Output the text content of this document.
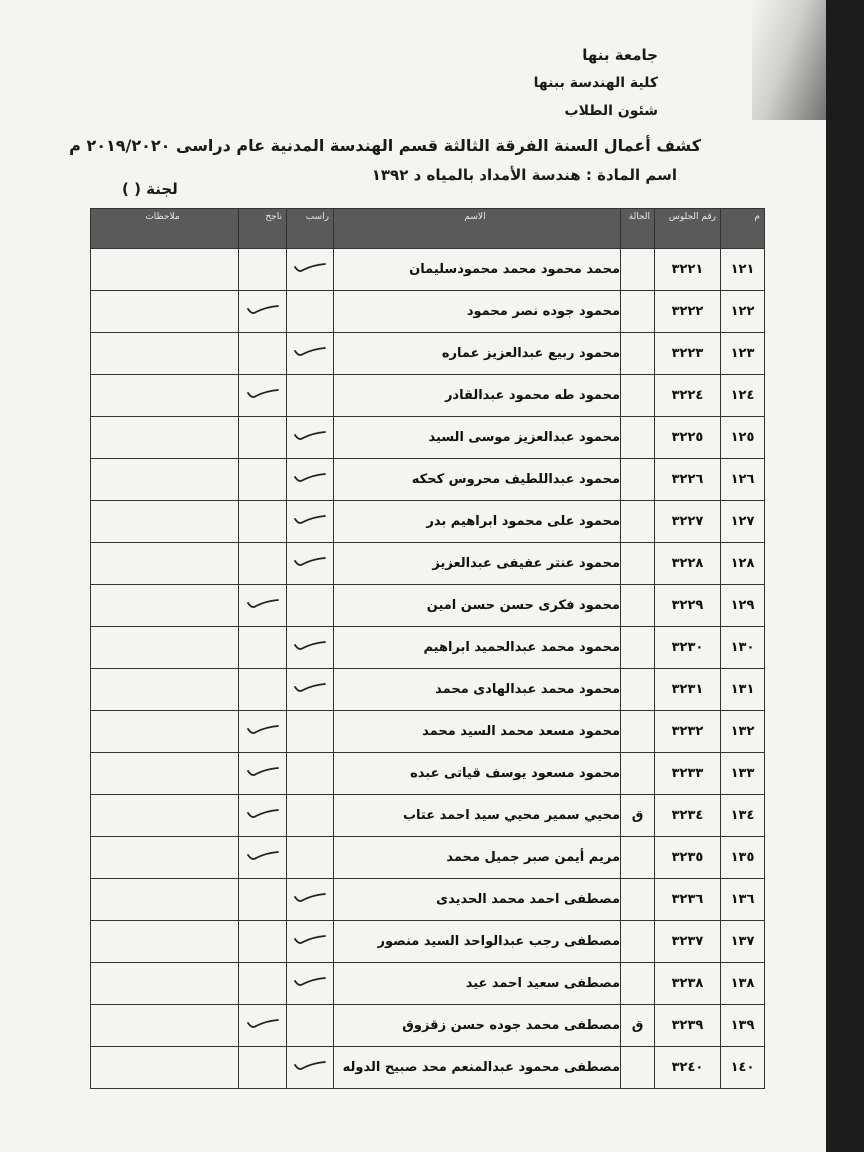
جامعة بنها
كلية الهندسة ببنها
شئون الطلاب
كشف أعمال السنة الفرقة الثالثة قسم الهندسة المدنية عام دراسى ٢٠١٩/٢٠٢٠ م
اسم المادة : هندسة الأمداد بالمياه د ١٣٩٢
لجنة ( )
م	رقم الجلوس	الحالة	الاسم	راسب	ناجح	ملاحظات
١٢١	٣٢٢١		محمد محمود محمد محمودسليمان			
١٢٢	٣٢٢٢		محمود جوده نصر محمود			
١٢٣	٣٢٢٣		محمود ربيع عبدالعزيز عماره			
١٢٤	٣٢٢٤		محمود طه محمود عبدالقادر			
١٢٥	٣٢٢٥		محمود عبدالعزيز موسى السيد			
١٢٦	٣٢٢٦		محمود عبداللطيف محروس كحكه			
١٢٧	٣٢٢٧		محمود على محمود ابراهيم بدر			
١٢٨	٣٢٢٨		محمود عنتر عفيفى عبدالعزيز			
١٢٩	٣٢٢٩		محمود فكرى حسن حسن امين			
١٣٠	٣٢٣٠		محمود محمد عبدالحميد ابراهيم			
١٣١	٣٢٣١		محمود محمد عبدالهادى محمد			
١٣٢	٣٢٣٢		محمود مسعد محمد السيد محمد			
١٣٣	٣٢٣٣		محمود مسعود يوسف قياتى عبده			
١٣٤	٣٢٣٤	ق	محيي سمير محيي سيد احمد عتاب			
١٣٥	٣٢٣٥		مريم أيمن صبر جميل محمد			
١٣٦	٣٢٣٦		مصطفى احمد محمد الحديدى			
١٣٧	٣٢٣٧		مصطفى رجب عبدالواحد السيد منصور			
١٣٨	٣٢٣٨		مصطفى سعيد احمد عيد			
١٣٩	٣٢٣٩	ق	مصطفى محمد جوده حسن زقزوق			
١٤٠	٣٢٤٠		مصطفى محمود عبدالمنعم محد صبيح الدوله			
